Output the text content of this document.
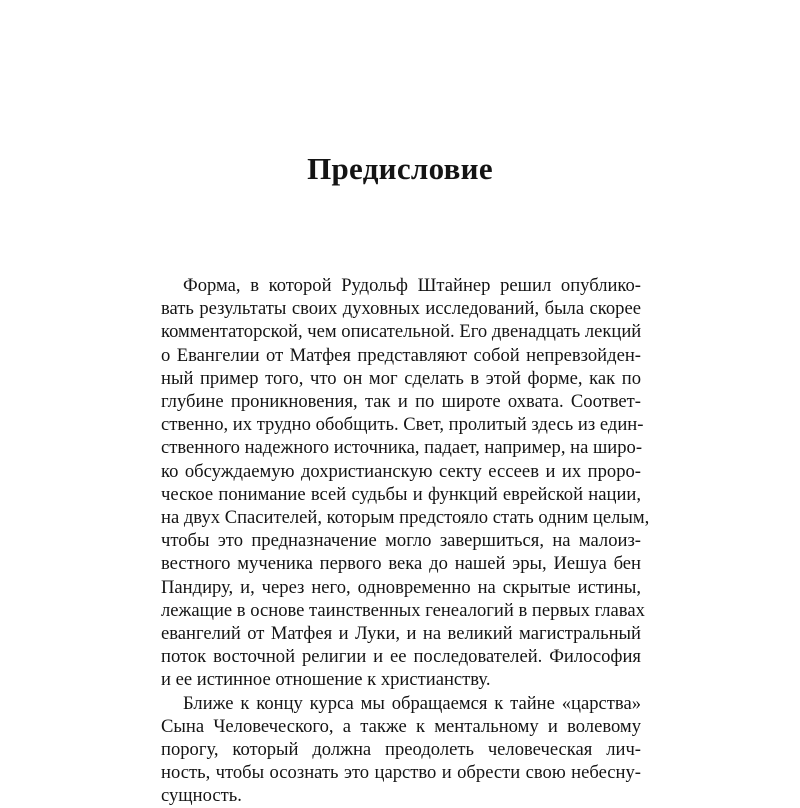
Предисловие
Форма, в которой Рудольф Штайнер решил опублико-
вать результаты своих духовных исследований, была скорее
комментаторской, чем описательной. Его двенадцать лекций
о Евангелии от Матфея представляют собой непревзойден-
ный пример того, что он мог сделать в этой форме, как по
глубине проникновения, так и по широте охвата. Соответ-
ственно, их трудно обобщить. Свет, пролитый здесь из един-
ственного надежного источника, падает, например, на широ-
ко обсуждаемую дохристианскую секту ессеев и их проро-
ческое понимание всей судьбы и функций еврейской нации,
на двух Спасителей, которым предстояло стать одним целым,
чтобы это предназначение могло завершиться, на малоиз-
вестного мученика первого века до нашей эры, Иешуа бен
Пандиру, и, через него, одновременно на скрытые истины,
лежащие в основе таинственных генеалогий в первых главах
евангелий от Матфея и Луки, и на великий магистральный
поток восточной религии и ее последователей. Философия
и ее истинное отношение к христианству.
Ближе к концу курса мы обращаемся к тайне «царства»
Сына Человеческого, а также к ментальному и волевому
порогу, который должна преодолеть человеческая лич-
ность, чтобы осознать это царство и обрести свою небесну-
сущность.
